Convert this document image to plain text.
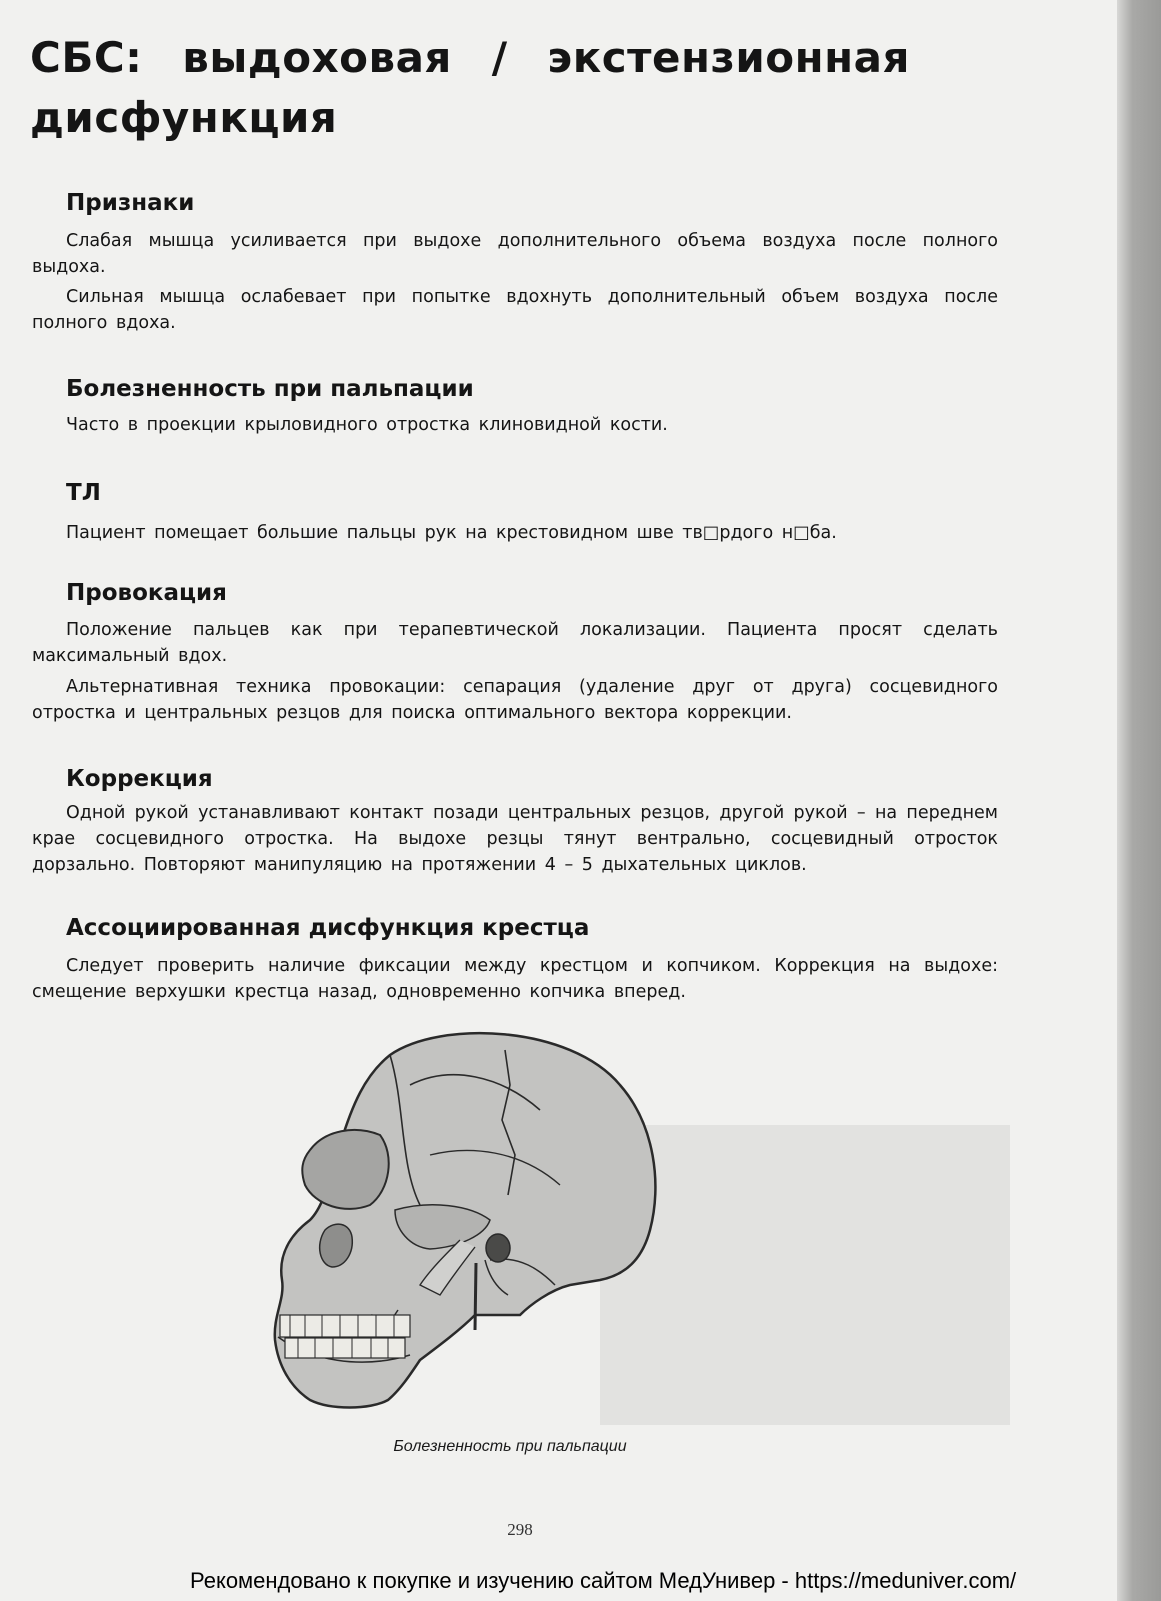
СБС: выдоховая / экстензионная дисфункция
Признаки

Слабая мышца усиливается при выдохе дополнительного объема воздуха после полного выдоха.

Сильная мышца ослабевает при попытке вдохнуть дополнительный объем воздуха после полного вдоха.

Болезненность при пальпации

Часто в проекции крыловидного отростка клиновидной кости.

ТЛ

Пациент помещает большие пальцы рук на крестовидном шве тв□рдого н□ба.

Провокация

Положение пальцев как при терапевтической локализации. Пациента просят сделать максимальный вдох.

Альтернативная техника провокации: сепарация (удаление друг от друга) сосцевидного отростка и центральных резцов для поиска оптимального вектора коррекции.

Коррекция

Одной рукой устанавливают контакт позади центральных резцов, другой рукой – на переднем крае сосцевидного отростка. На выдохе резцы тянут вентрально, сосцевидный отросток дорзально. Повторяют манипуляцию на протяжении 4 – 5 дыхательных циклов.

Ассоциированная дисфункция крестца

Следует проверить наличие фиксации между крестцом и копчиком. Коррекция на выдохе: смещение верхушки крестца назад, одновременно копчика вперед.

Болезненность при пальпации
298
Рекомендовано к покупке и изучению сайтом МедУнивер - https://meduniver.com/
